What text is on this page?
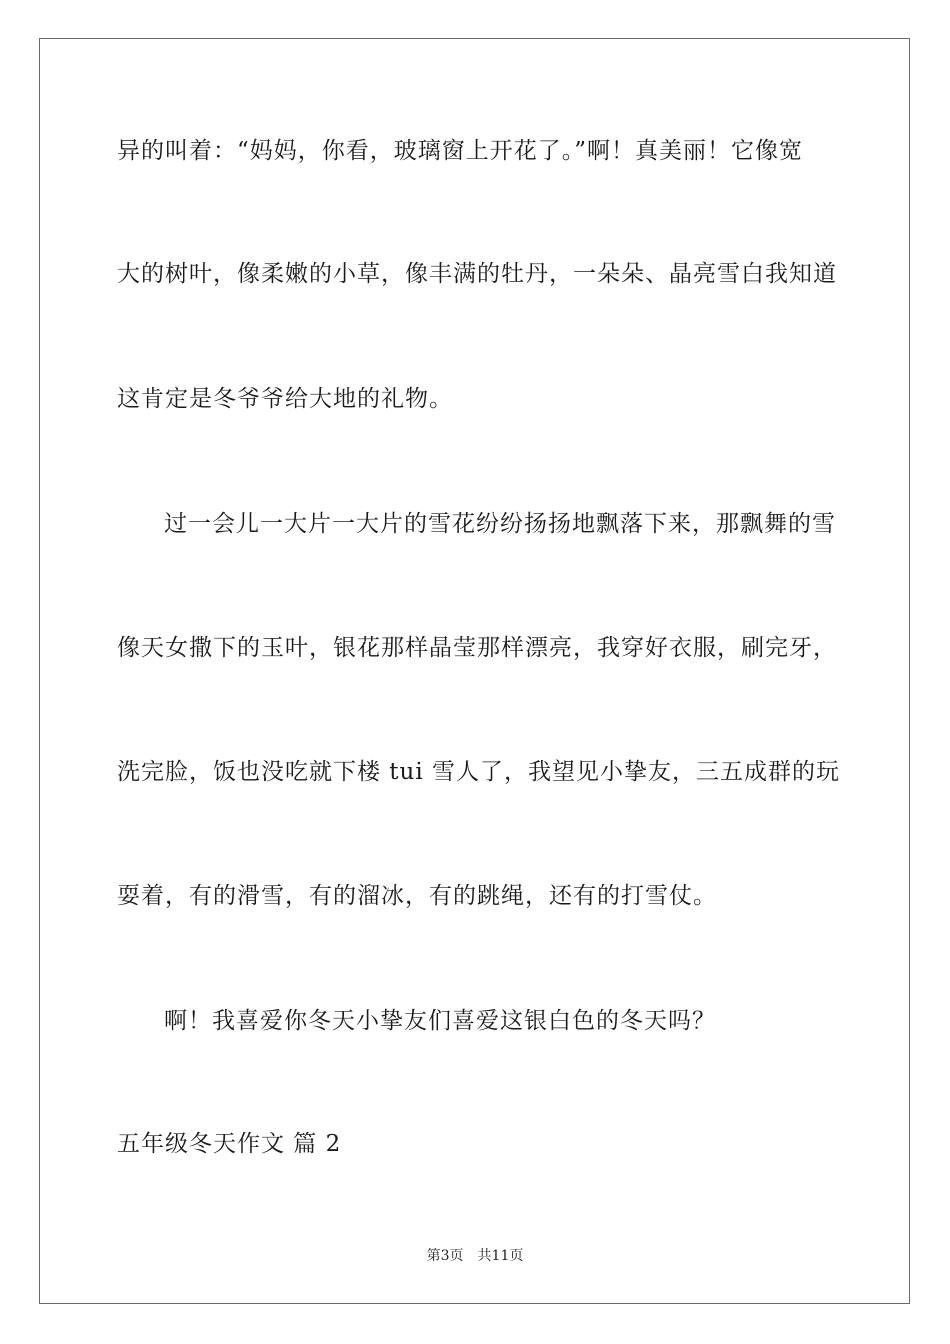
异的叫着：“妈妈，你看，玻璃窗上开花了。”啊！真美丽！它像宽
大的树叶，像柔嫩的小草，像丰满的牡丹，一朵朵、晶亮雪白我知道
这肯定是冬爷爷给大地的礼物。
过一会儿一大片一大片的雪花纷纷扬扬地飘落下来，那飘舞的雪
像天女撒下的玉叶，银花那样晶莹那样漂亮，我穿好衣服，刷完牙，
洗完脸，饭也没吃就下楼 tui 雪人了，我望见小挚友，三五成群的玩
耍着，有的滑雪，有的溜冰，有的跳绳，还有的打雪仗。
啊！我喜爱你冬天小挚友们喜爱这银白色的冬天吗？
五年级冬天作文 篇 2
第3页 共11页
